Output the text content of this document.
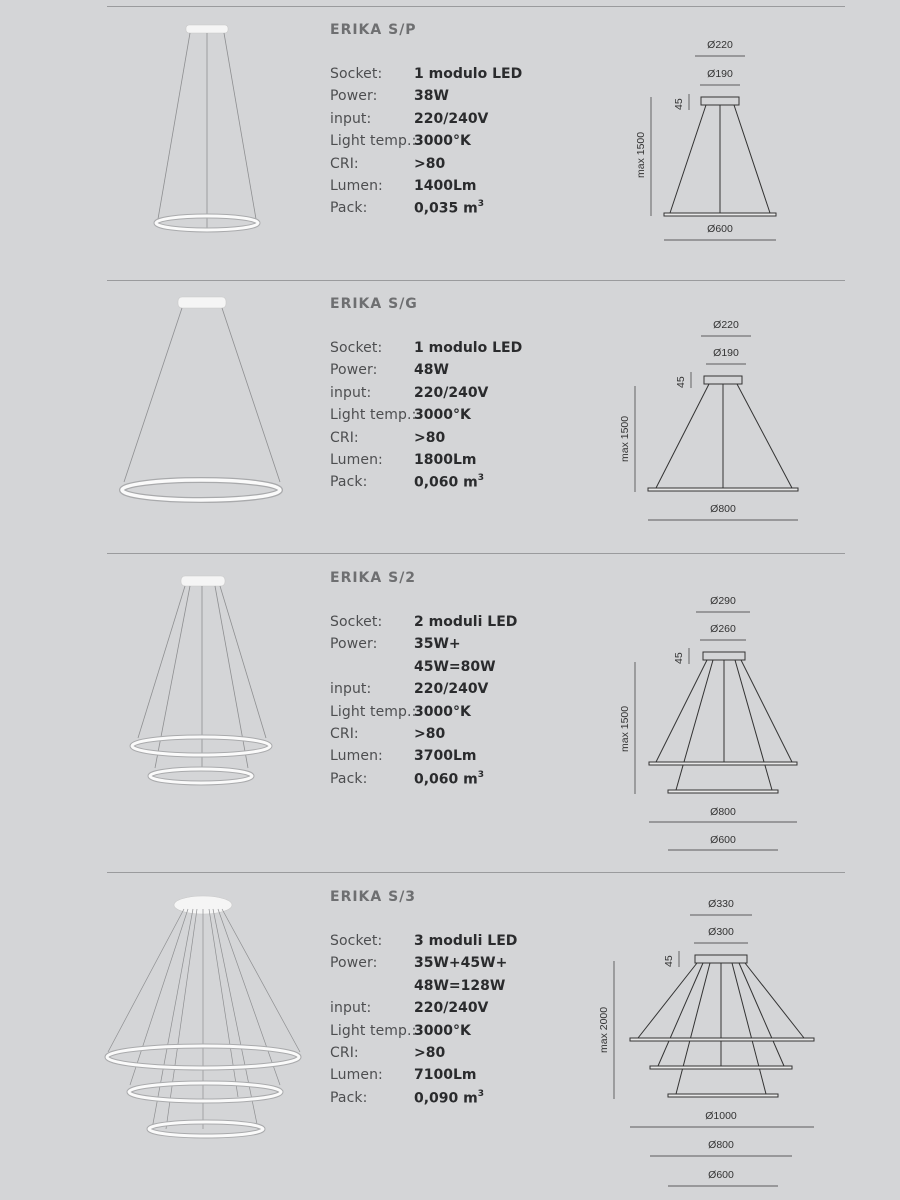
ERIKA S/P
Socket: 1 modulo LED
Power:	38W
input:	220/240V
Light temp.:
3000°K
CRI:	>80
Lumen: 1400Lm
Pack:	0,035 $m^3$
Ø220
Ø190
45
max 1500
Ø600
ERIKA S/G
Socket: 1 modulo LED
Power:	48W
input:	220/240V
Light temp.:
3000°K
CRI:	>80
Lumen: 1800Lm
Pack:	0,060 $m^3$
Ø220
Ø190
45
max 1500
Ø800
ERIKA S/2
Socket: 2 moduli LED
Power:	35W+
45W=80W
input:	220/240V
Light temp.:
3000°K
CRI:	>80
Lumen: 3700Lm
Pack:	0,060 $m^3$
Ø290
Ø260
45
max 1500
Ø800
Ø600
ERIKA S/3
Socket: 3 moduli LED
Power:	35W+45W+
48W=128W
input:	220/240V
Light temp.:
3000°K
CRI:	>80
Lumen: 7100Lm
Pack:	0,090 $m^3$
Ø330
Ø300
45
max 2000
Ø1000
Ø800
Ø600
